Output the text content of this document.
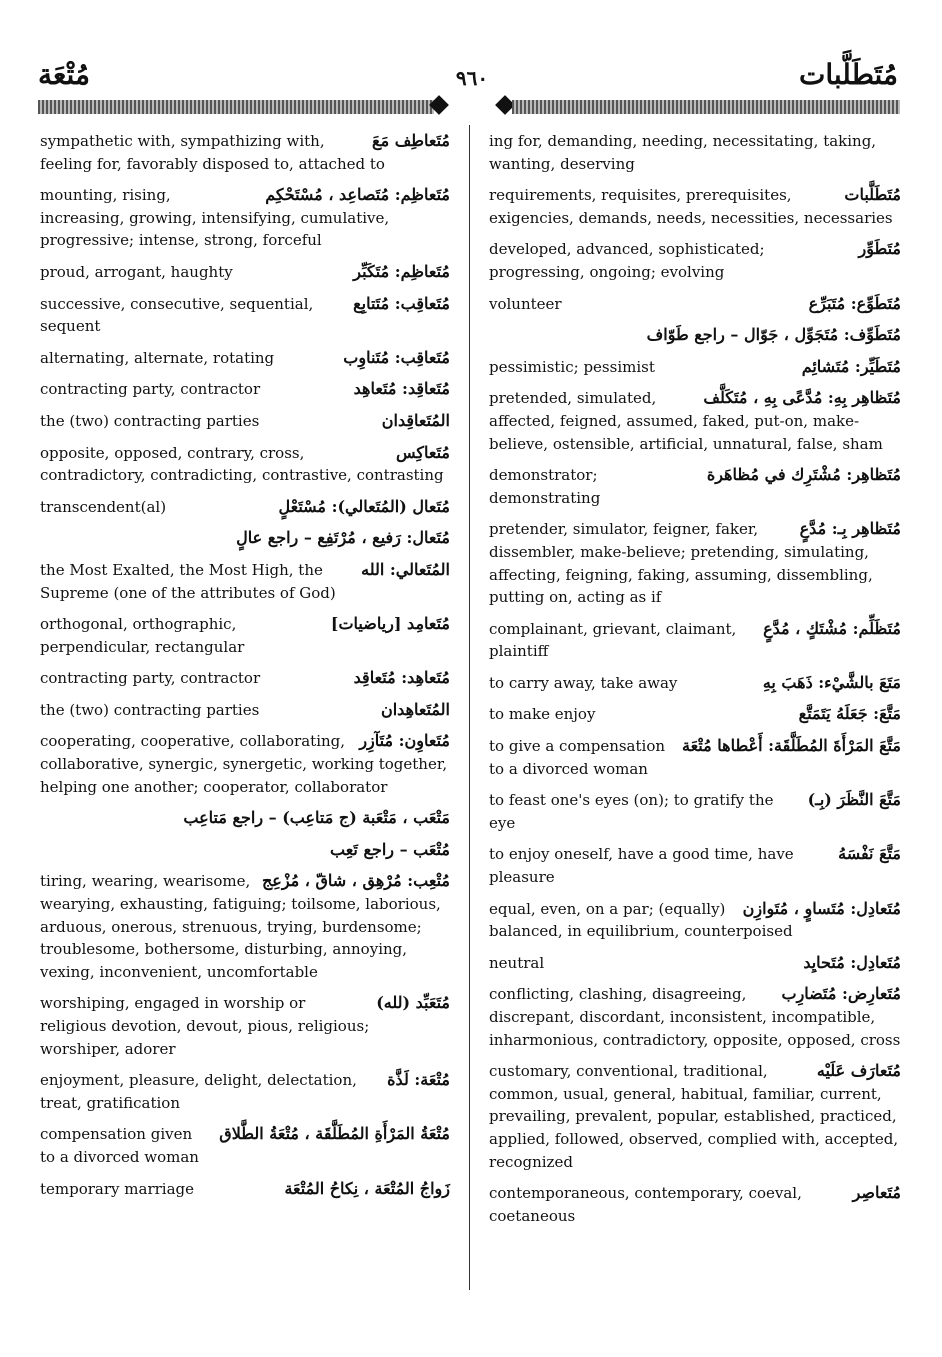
مُتْعَة	٩٦٠	مُتَطَلَّبات
مُتَعاطِف مَعَ
sympathetic with, sympathizing with, feeling for, favorably disposed to, attached to
مُتَعاظِم: مُتَصاعِد ، مُسْتَحْكِم
mounting, rising, increasing, growing, intensifying, cumulative, progressive; intense, strong, forceful
مُتَعاظِم: مُتَكَبِّر
proud, arrogant, haughty
مُتَعاقِب: مُتَتابِع
successive, consecutive, sequential, sequent
مُتَعاقِب: مُتَناوِب
alternating, alternate, rotating
مُتَعاقِد: مُتَعاهِد
contracting party, contractor
المُتَعاقِدان
the (two) contracting parties
مُتَعاكِس
opposite, opposed, contrary, cross, contradictory, contradicting, contrastive, contrasting
مُتَعال (المُتَعالي): مُسْتَعْلٍ
transcendent(al)
مُتَعال: رَفيع ، مُرْتَفِع – راجع عالٍ
المُتَعالي: الله
the Most Exalted, the Most High, the Supreme (one of the attributes of God)
مُتَعامِد [رياضيات]
orthogonal, orthographic, perpendicular, rectangular
مُتَعاهِد: مُتَعاقِد
contracting party, contractor
المُتَعاهِدان
the (two) contracting parties
مُتَعاوِن: مُتَآزِر
cooperating, cooperative, collaborating, collaborative, synergic, synergetic, working together, helping one another; cooperator, collaborator
مَتْعَب ، مَتْعَبة (ج مَتاعِب) – راجع مَتاعِب
مُتْعَب – راجع تَعِب
مُتْعِب: مُرْهِق ، شاقّ ، مُزْعِج
tiring, wearing, wearisome, wearying, exhausting, fatiguing; toilsome, laborious, arduous, onerous, strenuous, trying, burdensome; troublesome, bothersome, disturbing, annoying, vexing, inconvenient, uncomfortable
مُتَعَبِّد (لله)
worshiping, engaged in worship or religious devotion, devout, pious, religious; worshiper, adorer
مُتْعَة: لَذَّة
enjoyment, pleasure, delight, delectation, treat, gratification
مُتْعَةُ المَرْأَةِ المُطَلَّقَة ، مُتْعَةُ الطَّلاق
compensation given to a divorced woman
زَواجُ المُتْعَة ، نِكاحُ المُتْعَة
temporary marriage
ing for, demanding, needing, necessitating, taking, wanting, deserving
مُتَطَلَّبات
requirements, requisites, prerequisites, exigencies, demands, needs, necessities, necessaries
مُتَطَوِّر
developed, advanced, sophisticated; progressing, ongoing; evolving
مُتَطَوِّع: مُتَبَرِّع
volunteer
مُتَطَوِّف: مُتَجَوِّل ، جَوّال – راجع طَوّاف
مُتَطَيِّر: مُتَشائِم
pessimistic; pessimist
مُتَظاهِر بِهِ: مُدَّعًى بِهِ ، مُتَكَلَّف
pretended, simulated, affected, feigned, assumed, faked, put-on, make-believe, ostensible, artificial, unnatural, false, sham
مُتَظاهِر: مُشْتَرِك في مُظاهَرة
demonstrator; demonstrating
مُتَظاهِر بِـ: مُدَّعٍ
pretender, simulator, feigner, faker, dissembler, make-believe; pretending, simulating, affecting, feigning, faking, assuming, dissembling, putting on, acting as if
مُتَظَلِّم: مُشْتَكٍ ، مُدَّعٍ
complainant, grievant, claimant, plaintiff
مَتَعَ بالشَّيْء: ذَهَبَ بِهِ
to carry away, take away
مَتَّعَ: جَعَلَهُ يَتَمَتَّع
to make enjoy
مَتَّعَ المَرْأَةَ المُطَلَّقَة: أَعْطاها مُتْعَة
to give a compensation to a divorced woman
مَتَّعَ النَّظَرَ (بِـ)
to feast one's eyes (on); to gratify the eye
مَتَّعَ نَفْسَهُ
to enjoy oneself, have a good time, have pleasure
مُتَعادِل: مُتَساوٍ ، مُتَوازِن
equal, even, on a par; (equally) balanced, in equilibrium, counterpoised
مُتَعادِل: مُتَحايِد
neutral
مُتَعارِض: مُتَضارِب
conflicting, clashing, disagreeing, discrepant, discordant, inconsistent, incompatible, inharmonious, contradictory, opposite, opposed, cross
مُتَعارَف عَلَيْه
customary, conventional, traditional, common, usual, general, habitual, familiar, current, prevailing, prevalent, popular, established, practiced, applied, followed, observed, complied with, accepted, recognized
مُتَعاصِر
contemporaneous, contemporary, coeval, coetaneous
